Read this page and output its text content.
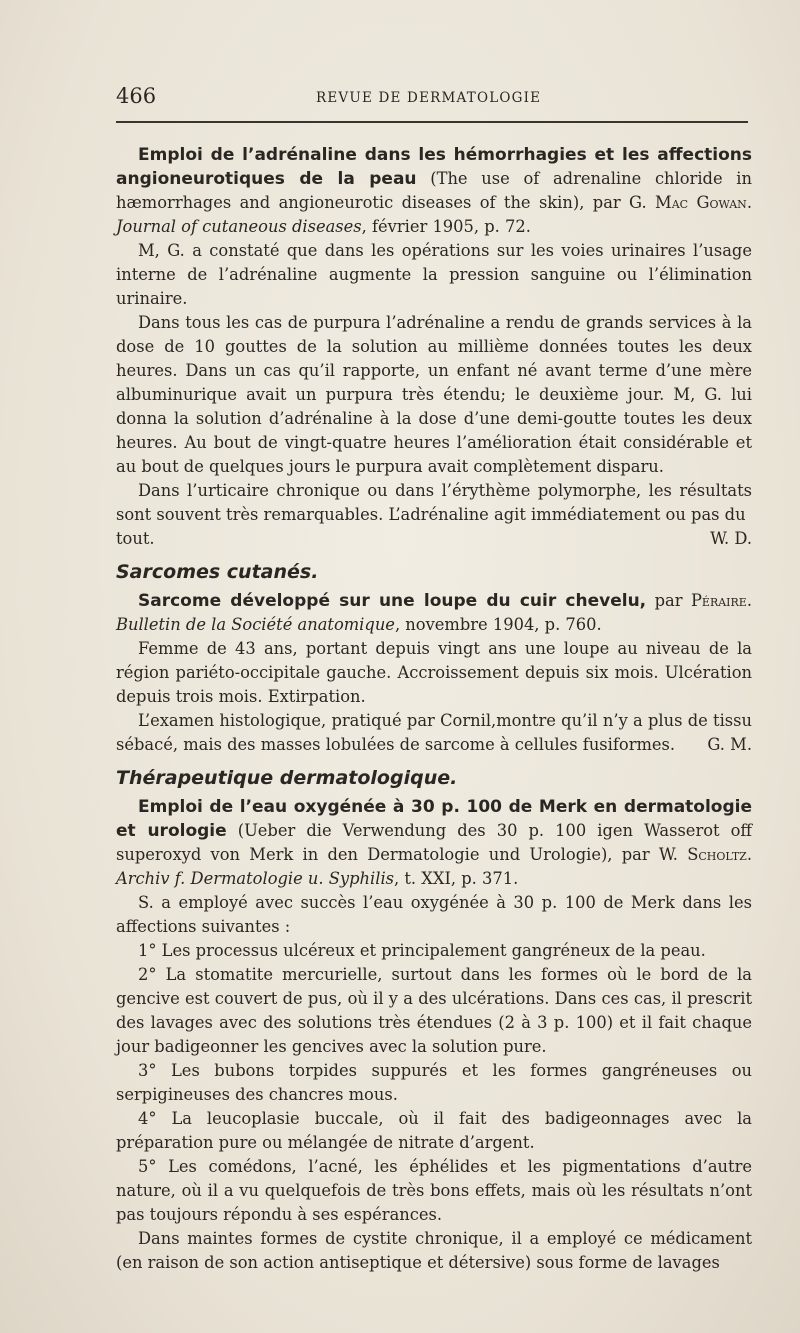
466	REVUE DE DERMATOLOGIE

Emploi de l’adrénaline dans les hémorrhagies et les affections angioneurotiques de la peau (The use of adrenaline chloride in hæmorrhages and angioneurotic diseases of the skin), par G. Mac Gowan. Journal of cutaneous diseases, février 1905, p. 72.

M, G. a constaté que dans les opérations sur les voies urinaires l’usage interne de l’adrénaline augmente la pression sanguine ou l’élimination urinaire.

Dans tous les cas de purpura l’adrénaline a rendu de grands services à la dose de 10 gouttes de la solution au millième données toutes les deux heures. Dans un cas qu’il rapporte, un enfant né avant terme d’une mère albuminurique avait un purpura très étendu; le deuxième jour. M, G. lui donna la solution d’adrénaline à la dose d’une demi-goutte toutes les deux heures. Au bout de vingt-quatre heures l’amélioration était considérable et au bout de quelques jours le purpura avait complètement disparu.

Dans l’urticaire chronique ou dans l’érythème polymorphe, les résultats sont souvent très remarquables. L’adrénaline agit immédiatement ou pas du

tout.	W. D.

Sarcomes cutanés.

Sarcome développé sur une loupe du cuir chevelu, par Péraire. Bulletin de la Société anatomique, novembre 1904, p. 760.

Femme de 43 ans, portant depuis vingt ans une loupe au niveau de la région pariéto-occipitale gauche. Accroissement depuis six mois. Ulcération depuis trois mois. Extirpation.

L’examen histologique, pratiqué par Cornil,montre qu’il n’y a plus de tissu sébacé, mais des masses lobulées de sarcome à cellules fusiformes.	G. M.

Thérapeutique dermatologique.

Emploi de l’eau oxygénée à 30 p. 100 de Merk en dermatologie et urologie (Ueber die Verwendung des 30 p. 100 igen Wasserot off superoxyd von Merk in den Dermatologie und Urologie), par W. Scholtz. Archiv f. Dermatologie u. Syphilis, t. XXI, p. 371.

S. a employé avec succès l’eau oxygénée à 30 p. 100 de Merk dans les affections suivantes :

1° Les processus ulcéreux et principalement gangréneux de la peau.

2° La stomatite mercurielle, surtout dans les formes où le bord de la gencive est couvert de pus, où il y a des ulcérations. Dans ces cas, il prescrit des lavages avec des solutions très étendues (2 à 3 p. 100) et il fait chaque jour badigeonner les gencives avec la solution pure.

3° Les bubons torpides suppurés et les formes gangréneuses ou serpigineuses des chancres mous.

4° La leucoplasie buccale, où il fait des badigeonnages avec la préparation pure ou mélangée de nitrate d’argent.

5° Les comédons, l’acné, les éphélides et les pigmentations d’autre nature, où il a vu quelquefois de très bons effets, mais où les résultats n’ont pas toujours répondu à ses espérances.

Dans maintes formes de cystite chronique, il a employé ce médicament (en raison de son action antiseptique et détersive) sous forme de lavages
